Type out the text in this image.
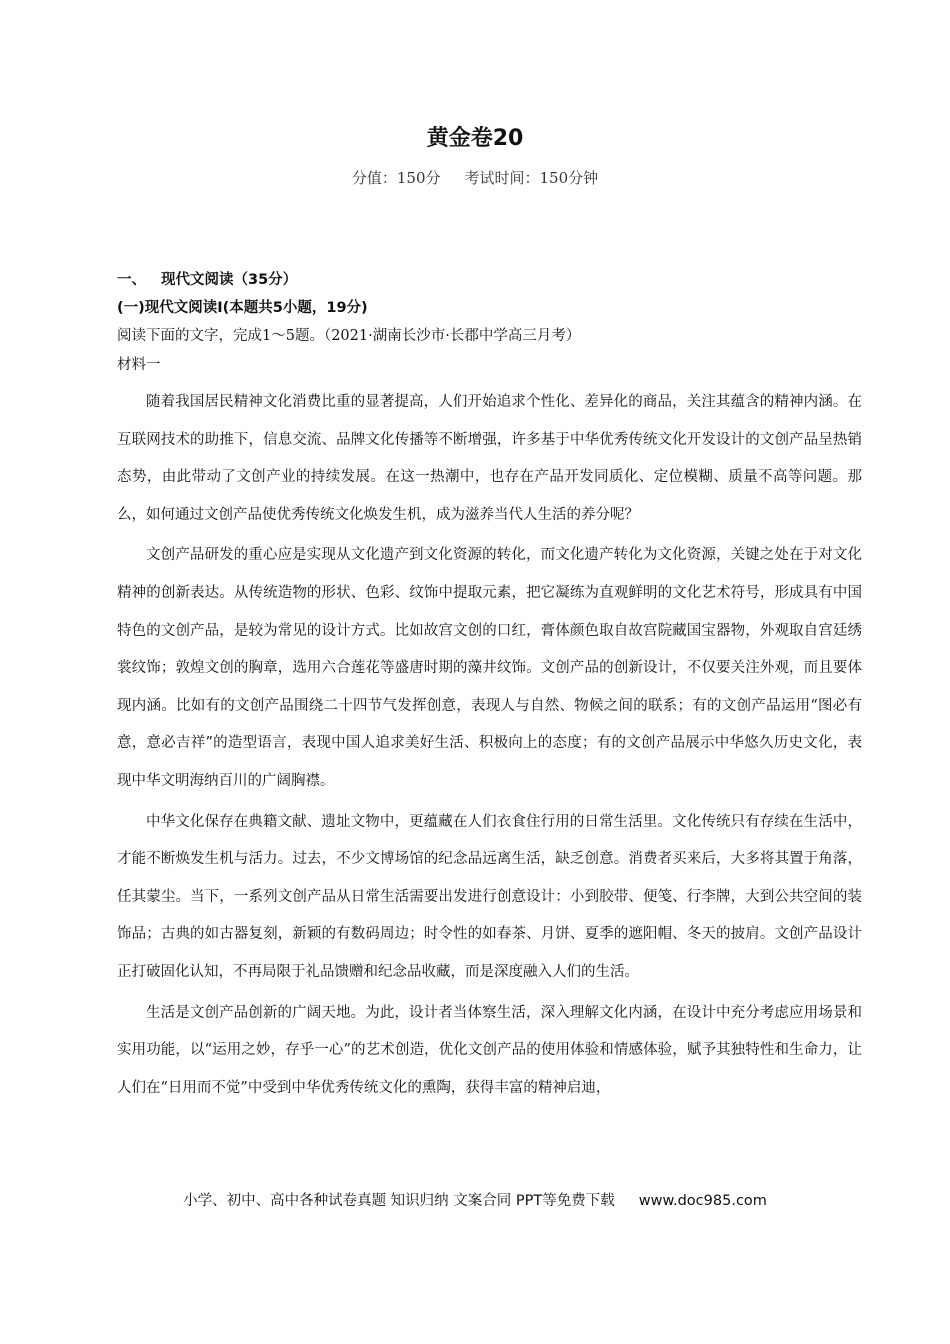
黄金卷20
分值：150分 考试时间：150分钟
一、 现代文阅读（35分）
(一)现代文阅读Ⅰ(本题共5小题，19分)
阅读下面的文字，完成1～5题。（2021·湖南长沙市·长郡中学高三月考）
材料一

随着我国居民精神文化消费比重的显著提高，人们开始追求个性化、差异化的商品，关注其蕴含的精神内涵。在互联网技术的助推下，信息交流、品牌文化传播等不断增强，许多基于中华优秀传统文化开发设计的文创产品呈热销态势，由此带动了文创产业的持续发展。在这一热潮中，也存在产品开发同质化、定位模糊、质量不高等问题。那么，如何通过文创产品使优秀传统文化焕发生机，成为滋养当代人生活的养分呢？

文创产品研发的重心应是实现从文化遗产到文化资源的转化，而文化遗产转化为文化资源，关键之处在于对文化精神的创新表达。从传统造物的形状、色彩、纹饰中提取元素，把它凝练为直观鲜明的文化艺术符号，形成具有中国特色的文创产品，是较为常见的设计方式。比如故宫文创的口红，膏体颜色取自故宫院藏国宝器物，外观取自宫廷绣裳纹饰；敦煌文创的胸章，选用六合莲花等盛唐时期的藻井纹饰。文创产品的创新设计，不仅要关注外观，而且要体现内涵。比如有的文创产品围绕二十四节气发挥创意，表现人与自然、物候之间的联系；有的文创产品运用“图必有意，意必吉祥”的造型语言，表现中国人追求美好生活、积极向上的态度；有的文创产品展示中华悠久历史文化，表现中华文明海纳百川的广阔胸襟。

中华文化保存在典籍文献、遗址文物中，更蕴藏在人们衣食住行用的日常生活里。文化传统只有存续在生活中，才能不断焕发生机与活力。过去，不少文博场馆的纪念品远离生活，缺乏创意。消费者买来后，大多将其置于角落，任其蒙尘。当下，一系列文创产品从日常生活需要出发进行创意设计：小到胶带、便笺、行李牌，大到公共空间的装饰品；古典的如古器复刻，新颖的有数码周边；时令性的如春茶、月饼、夏季的遮阳帽、冬天的披肩。文创产品设计正打破固化认知，不再局限于礼品馈赠和纪念品收藏，而是深度融入人们的生活。

生活是文创产品创新的广阔天地。为此，设计者当体察生活，深入理解文化内涵，在设计中充分考虑应用场景和实用功能，以“运用之妙，存乎一心”的艺术创造，优化文创产品的使用体验和情感体验，赋予其独特性和生命力，让人们在“日用而不觉”中受到中华优秀传统文化的熏陶，获得丰富的精神启迪，

小学、初中、高中各种试卷真题 知识归纳 文案合同 PPT等免费下载 www.doc985.com
